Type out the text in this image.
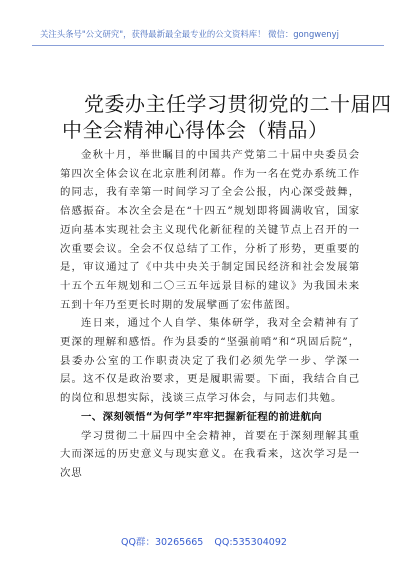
关注头条号"公文研究"，获得最新最全最专业的公文资料库！ 微信：gongwenyj
党委办主任学习贯彻党的二十届四
中全会精神心得体会（精品）

金秋十月，举世瞩目的中国共产党第二十届中央委员会第四次全体会议在北京胜利闭幕。作为一名在党办系统工作的同志，我有幸第一时间学习了全会公报，内心深受鼓舞，倍感振奋。本次全会是在“十四五”规划即将圆满收官，国家迈向基本实现社会主义现代化新征程的关键节点上召开的一次重要会议。全会不仅总结了工作，分析了形势，更重要的是，审议通过了《中共中央关于制定国民经济和社会发展第十五个五年规划和二〇三五年远景目标的建议》为我国未来五到十年乃至更长时期的发展擘画了宏伟蓝图。

连日来，通过个人自学、集体研学，我对全会精神有了更深的理解和感悟。作为县委的“坚强前哨”和“巩固后院”，县委办公室的工作职责决定了我们必须先学一步、学深一层。这不仅是政治要求，更是履职需要。下面，我结合自己的岗位和思想实际，浅谈三点学习体会，与同志们共勉。

一、深刻领悟“为何学”牢牢把握新征程的前进航向

学习贯彻二十届四中全会精神，首要在于深刻理解其重大而深远的历史意义与现实意义。在我看来，这次学习是一次思

QQ群：30265665 QQ:535304092
